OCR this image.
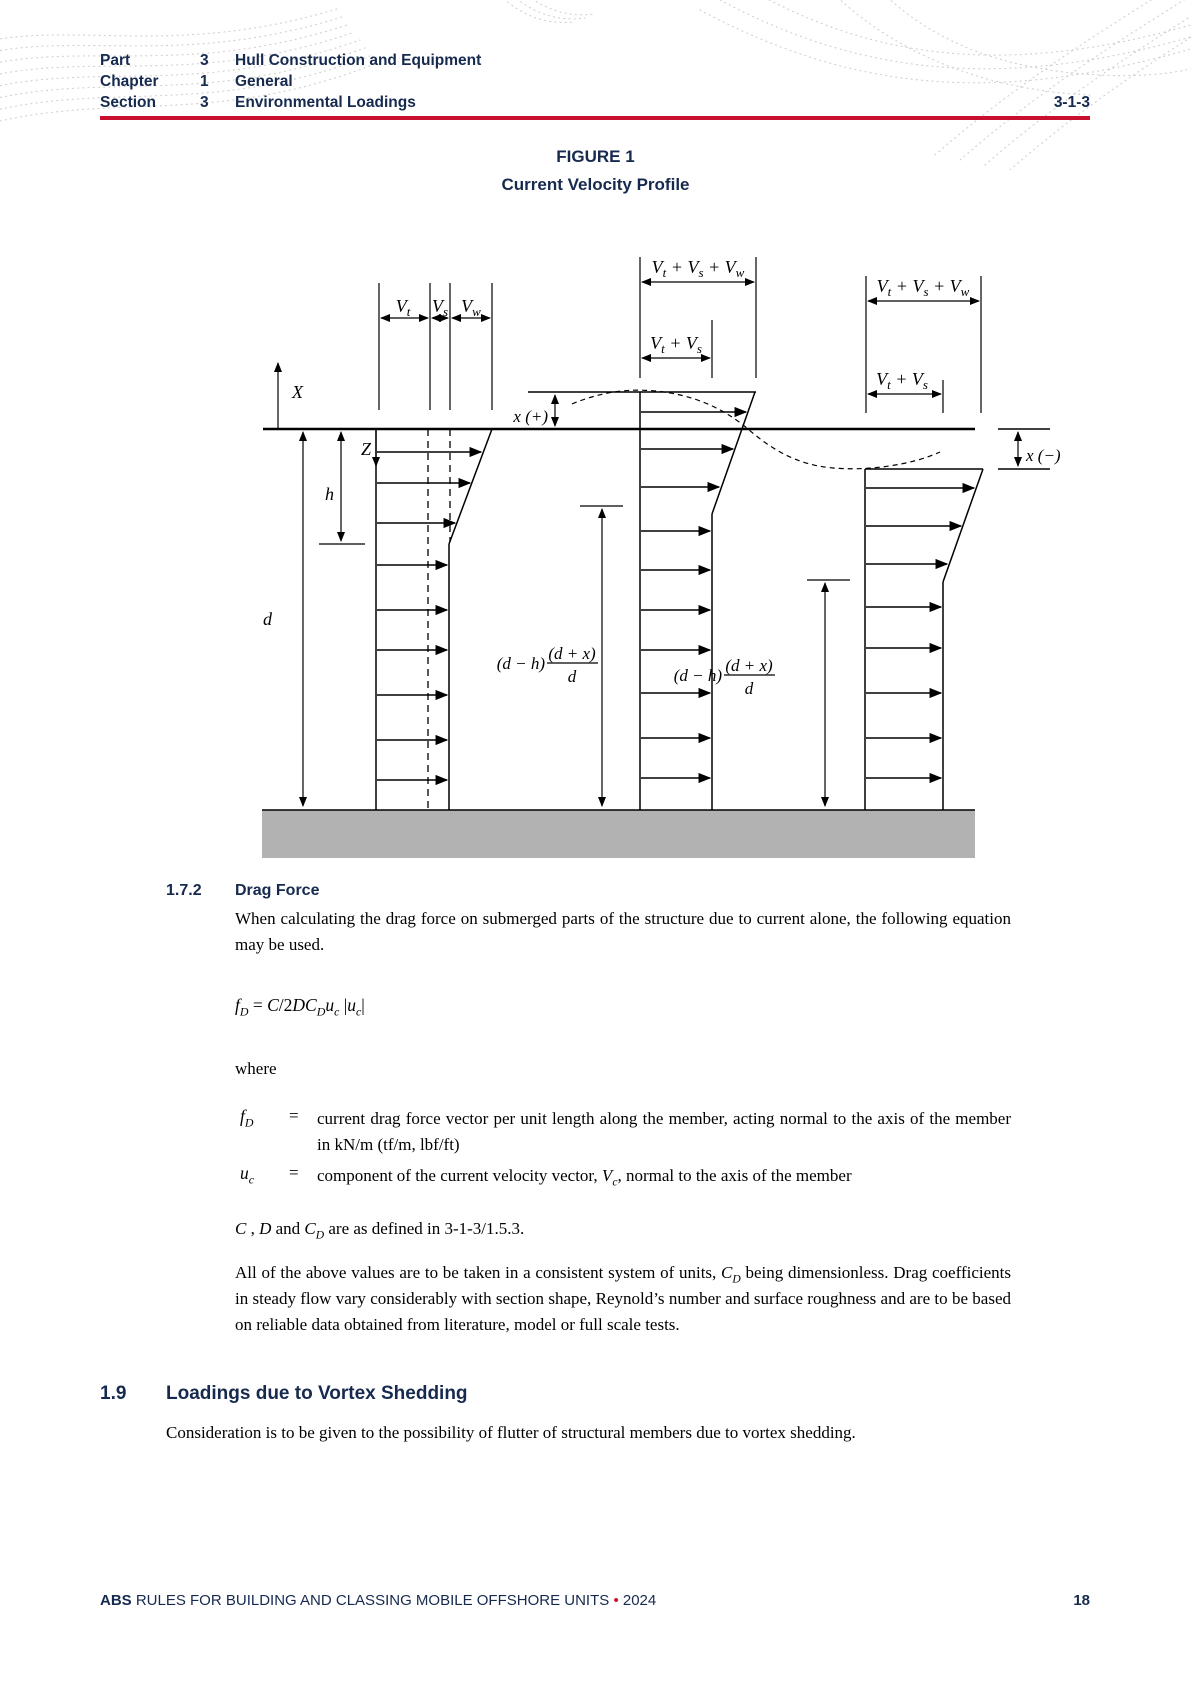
Part	3	Hull Construction and Equipment
Chapter	1	General
Section	3	Environmental Loadings	3-1-3
FIGURE 1
Current Velocity Profile
X
Z
d
h
$V_t$ $V_s$ $V_w$
x (+)
$V_t + V_s + V_w$
$V_t + V_s$
(d − h)
(d + x)
d
$V_t + V_s + V_w$
$V_t + V_s$
(d − h)
(d + x)
d
x (−)
1.7.2 Drag Force
When calculating the drag force on submerged parts of the structure due to current alone, the following equation may be used.
$f_D = C/2DC_Du_c$ $|u_c|$
where
$f_D$ = current drag force vector per unit length along the member, acting normal to the axis of the member in kN/m (tf/m, lbf/ft)
$u_c$ = component of the current velocity vector, $V_c$, normal to the axis of the member
C , D and $C_D$ are as defined in 3-1-3/1.5.3.
All of the above values are to be taken in a consistent system of units, $C_D$ being dimensionless. Drag coefficients in steady flow vary considerably with section shape, Reynold’s number and surface roughness and are to be based on reliable data obtained from literature, model or full scale tests.
1.9 Loadings due to Vortex Shedding
Consideration is to be given to the possibility of flutter of structural members due to vortex shedding.
ABS RULES FOR BUILDING AND CLASSING MOBILE OFFSHORE UNITS • 2024	18
